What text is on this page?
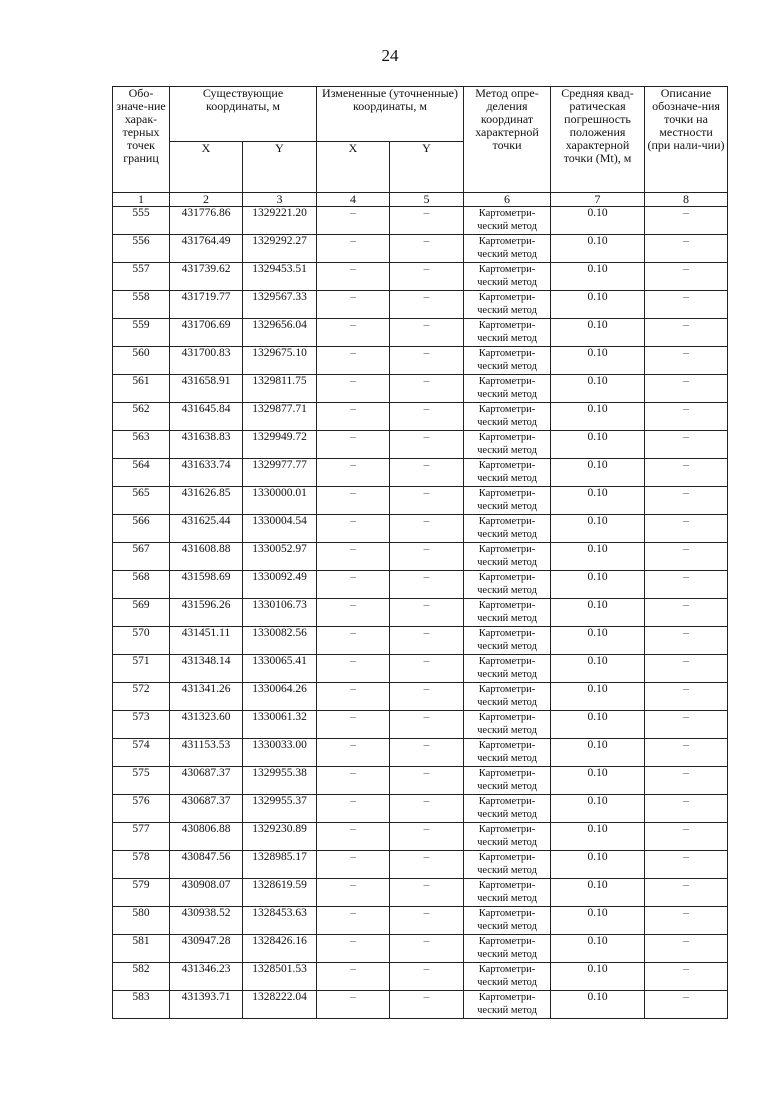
24
Обо-значе-ние харак-терных точек границ	Существующие координаты, м		Измененные (уточненные) координаты, м		Метод опре-деления координат характерной точки	Средняя квад-ратическая погрешность положения характерной точки (Mt), м	Описание обозначе-ния точки на местности (при нали-чии)
	X	Y	X	Y			
1	2	3	4	5	6	7	8
555	431776.86	1329221.20	–	–	Картометри-ческий метод	0.10	–
556	431764.49	1329292.27	–	–	Картометри-ческий метод	0.10	–
557	431739.62	1329453.51	–	–	Картометри-ческий метод	0.10	–
558	431719.77	1329567.33	–	–	Картометри-ческий метод	0.10	–
559	431706.69	1329656.04	–	–	Картометри-ческий метод	0.10	–
560	431700.83	1329675.10	–	–	Картометри-ческий метод	0.10	–
561	431658.91	1329811.75	–	–	Картометри-ческий метод	0.10	–
562	431645.84	1329877.71	–	–	Картометри-ческий метод	0.10	–
563	431638.83	1329949.72	–	–	Картометри-ческий метод	0.10	–
564	431633.74	1329977.77	–	–	Картометри-ческий метод	0.10	–
565	431626.85	1330000.01	–	–	Картометри-ческий метод	0.10	–
566	431625.44	1330004.54	–	–	Картометри-ческий метод	0.10	–
567	431608.88	1330052.97	–	–	Картометри-ческий метод	0.10	–
568	431598.69	1330092.49	–	–	Картометри-ческий метод	0.10	–
569	431596.26	1330106.73	–	–	Картометри-ческий метод	0.10	–
570	431451.11	1330082.56	–	–	Картометри-ческий метод	0.10	–
571	431348.14	1330065.41	–	–	Картометри-ческий метод	0.10	–
572	431341.26	1330064.26	–	–	Картометри-ческий метод	0.10	–
573	431323.60	1330061.32	–	–	Картометри-ческий метод	0.10	–
574	431153.53	1330033.00	–	–	Картометри-ческий метод	0.10	–
575	430687.37	1329955.38	–	–	Картометри-ческий метод	0.10	–
576	430687.37	1329955.37	–	–	Картометри-ческий метод	0.10	–
577	430806.88	1329230.89	–	–	Картометри-ческий метод	0.10	–
578	430847.56	1328985.17	–	–	Картометри-ческий метод	0.10	–
579	430908.07	1328619.59	–	–	Картометри-ческий метод	0.10	–
580	430938.52	1328453.63	–	–	Картометри-ческий метод	0.10	–
581	430947.28	1328426.16	–	–	Картометри-ческий метод	0.10	–
582	431346.23	1328501.53	–	–	Картометри-ческий метод	0.10	–
583	431393.71	1328222.04	–	–	Картометри-ческий метод	0.10	–
